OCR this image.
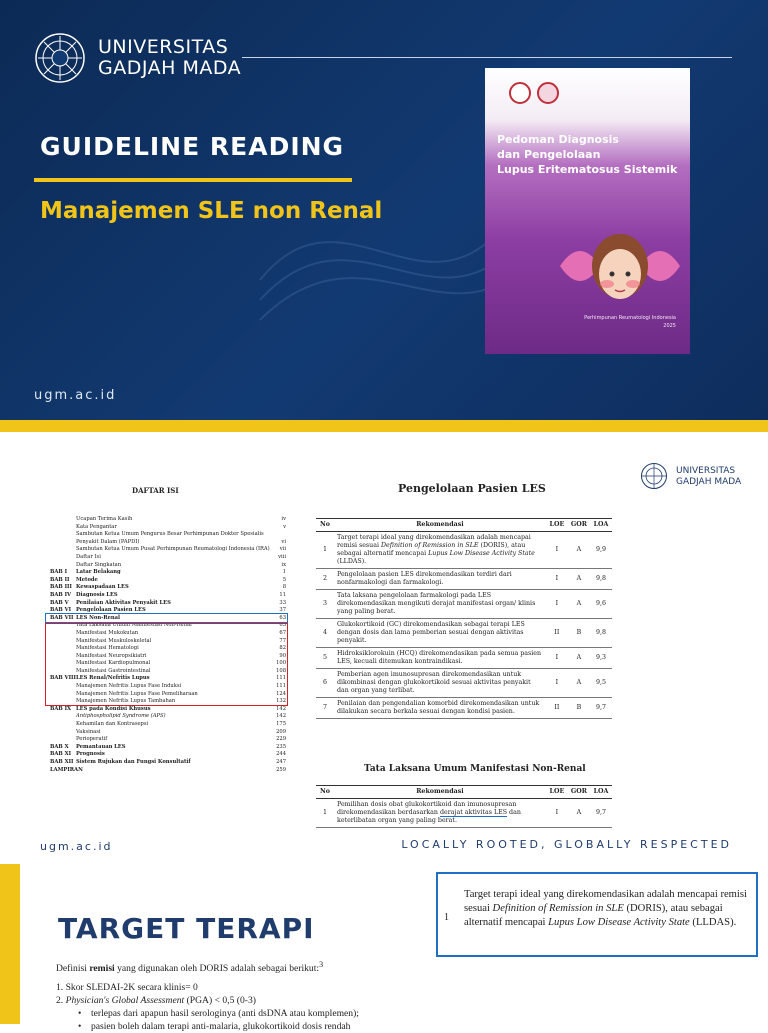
UNIVERSITAS
GADJAH MADA
GUIDELINE READING
Manajemen SLE non Renal
ugm.ac.id
Pedoman Diagnosis
dan Pengelolaan
Lupus Eritematosus Sistemik
Perhimpunan Reumatologi Indonesia
2025
UNIVERSITAS
GADJAH MADA
DAFTAR ISI
Ucapan Terima Kasih	iv
Kata Pengantar	v
Sambutan Ketua Umum Pengurus Besar Perhimpunan Dokter Spesialis
Penyakit Dalam (PAPDI)	vi
Sambutan Ketua Umum Pusat Perhimpunan Reumatologi Indonesia (IRA)	vii
Daftar Isi	viii
Daftar Singkatan	ix
BAB I	Latar Belakang	1
BAB II	Metode	5
BAB III Kewaspadaan LES	8
BAB IV Diagnosis LES	11
BAB V	Penilaian Aktivitas Penyakit LES	33
BAB VI Pengelolaan Pasien LES	37
BAB VII LES Non-Renal	63
Tata Laksana Umum Manifestasi Non-Renal	63
Manifestasi Mukokutan	67
Manifestasi Muskuloskeletal	77
Manifestasi Hematologi	82
Manifestasi Neuropsikiatri	90
Manifestasi Kardiopulmonal	100
Manifestasi Gastrointestinal	108
BAB VIII LES Renal/Nefritis Lupus	111
Manajemen Nefritis Lupus Fase Induksi	111
Manajemen Nefritis Lupus Fase Pemeliharaan	124
Manajemen Nefritis Lupus Tambahan	132
BAB IX LES pada Kondisi Khusus	142
Antiphospholipid Syndrome (APS)	142
Kehamilan dan Kontrasepsi	175
Vaksinasi	209
Perioperatif	229
BAB X	Pemantauan LES	235
BAB XI Prognosis	244
BAB XII Sistem Rujukan dan Fungsi Konsultatif	247
LAMPIRAN	259
Pengelolaan Pasien LES
No	Rekomendasi	LOE	GOR	LOA
1	Target terapi ideal yang direkomendasikan adalah mencapai remisi sesuai Definition of Remission in SLE (DORIS), atau sebagai alternatif mencapai Lupus Low Disease Activity State (LLDAS).	I	A	9,9
2	Pengelolaan pasien LES direkomendasikan terdiri dari nonfarmakologi dan farmakologi.	I	A	9,8
3	Tata laksana pengelolaan farmakologi pada LES direkomendasikan mengikuti derajat manifestasi organ/ klinis yang paling berat.	I	A	9,6
4	Glukokortikoid (GC) direkomendasikan sebagai terapi LES dengan dosis dan lama pemberian sesuai dengan aktivitas penyakit.	II	B	9,8
5	Hidroksiklorokuin (HCQ) direkomendasikan pada semua pasien LES, kecuali ditemukan kontraindikasi.	I	A	9,3
6	Pemberian agen imunosupresan direkomendasikan untuk dikombinasi dengan glukokortikoid sesuai aktivitas penyakit dan organ yang terlibat.	I	A	9,5
7	Penilaian dan pengendalian komorbid direkomendasikan untuk dilakukan secara berkala sesuai dengan kondisi pasien.	II	B	9,7
Tata Laksana Umum Manifestasi Non-Renal
No	Rekomendasi	LOE	GOR	LOA
1	Pemilihan dosis obat glukokortikoid dan imunosupresan direkomendasikan berdasarkan derajat aktivitas LES dan keterlibatan organ yang paling berat.	I	A	9,7
ugm.ac.id	LOCALLY ROOTED, GLOBALLY RESPECTED
TARGET TERAPI
Definisi remisi yang digunakan oleh DORIS adalah sebagai berikut:$^3$
1. Skor SLEDAI-2K secara klinis= 0
2. Physician's Global Assessment (PGA) < 0,5 (0-3)
•    terlepas dari apapun hasil serologinya (anti dsDNA atau komplemen);
•    pasien boleh dalam terapi anti-malaria, glukokortikoid dosis rendah
1
Target terapi ideal yang direkomendasikan adalah mencapai remisi sesuai Definition of Remission in SLE (DORIS), atau sebagai alternatif mencapai Lupus Low Disease Activity State (LLDAS).
